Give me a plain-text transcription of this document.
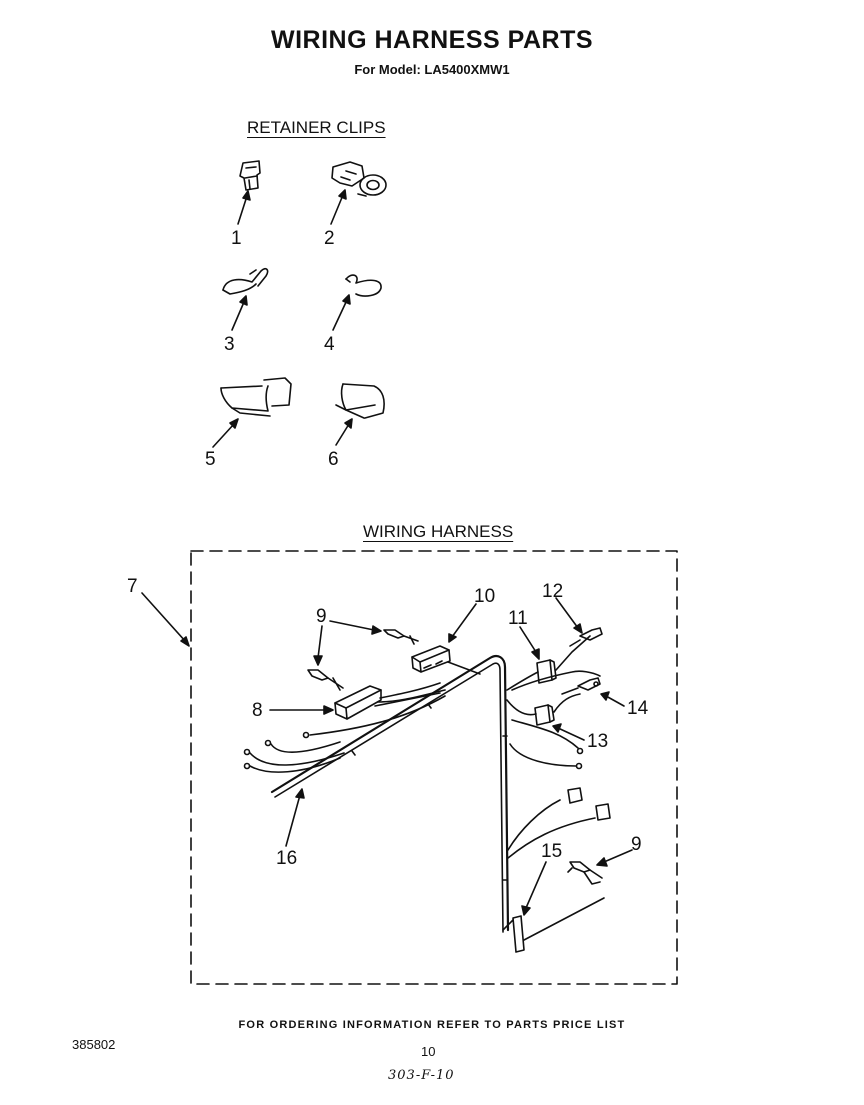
WIRING HARNESS PARTS
For Model: LA5400XMW1
RETAINER CLIPS
WIRING HARNESS
1	2
3	4
5	6
7
8
9
10
11
12
13
14
15
16
9
FOR ORDERING INFORMATION REFER TO PARTS PRICE LIST
385802	10
303-F-10
